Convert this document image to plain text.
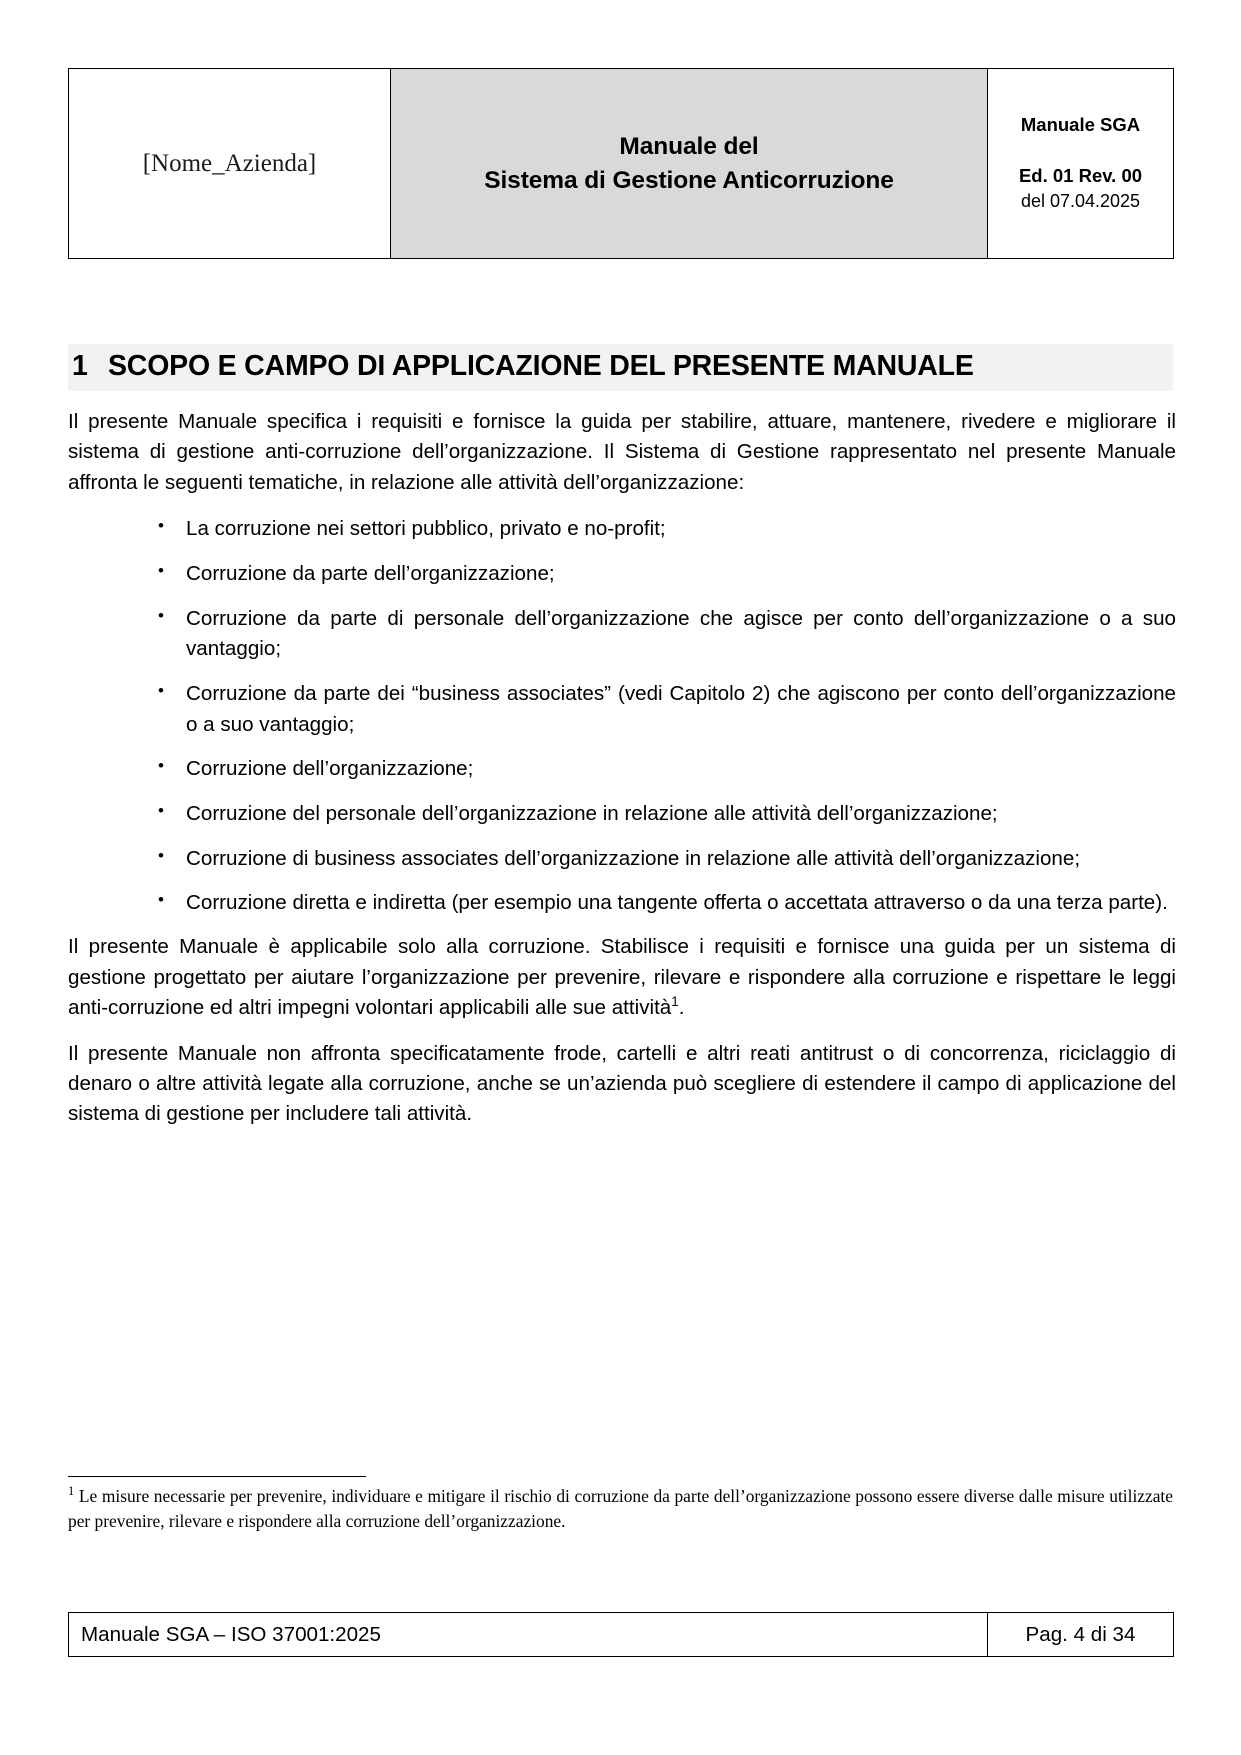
[Nome_Azienda]	
Manuale del
Sistema di Gestione Anticorruzione

Manuale SGA
Ed. 01 Rev. 00
del 07.04.2025
1 SCOPO E CAMPO DI APPLICAZIONE DEL PRESENTE MANUALE

Il presente Manuale specifica i requisiti e fornisce la guida per stabilire, attuare, mantenere, rivedere e migliorare il sistema di gestione anti-corruzione dell’organizzazione. Il Sistema di Gestione rappresentato nel presente Manuale affronta le seguenti tematiche, in relazione alle attività dell’organizzazione:

• La corruzione nei settori pubblico, privato e no-profit;
• Corruzione da parte dell’organizzazione;
• Corruzione da parte di personale dell’organizzazione che agisce per conto dell’organizzazione o a suo vantaggio;
• Corruzione da parte dei “business associates” (vedi Capitolo 2) che agiscono per conto dell’organizzazione o a suo vantaggio;
• Corruzione dell’organizzazione;
• Corruzione del personale dell’organizzazione in relazione alle attività dell’organizzazione;
• Corruzione di business associates dell’organizzazione in relazione alle attività dell’organizzazione;
• Corruzione diretta e indiretta (per esempio una tangente offerta o accettata attraverso o da una terza parte).

Il presente Manuale è applicabile solo alla corruzione. Stabilisce i requisiti e fornisce una guida per un sistema di gestione progettato per aiutare l’organizzazione per prevenire, rilevare e rispondere alla corruzione e rispettare le leggi anti-corruzione ed altri impegni volontari applicabili alle sue attività$^1$.

Il presente Manuale non affronta specificatamente frode, cartelli e altri reati antitrust o di concorrenza, riciclaggio di denaro o altre attività legate alla corruzione, anche se un’azienda può scegliere di estendere il campo di applicazione del sistema di gestione per includere tali attività.

$^1$ Le misure necessarie per prevenire, individuare e mitigare il rischio di corruzione da parte dell’organizzazione possono essere diverse dalle misure utilizzate per prevenire, rilevare e rispondere alla corruzione dell’organizzazione.

Manuale SGA – ISO 37001:2025	Pag. 4 di 34
